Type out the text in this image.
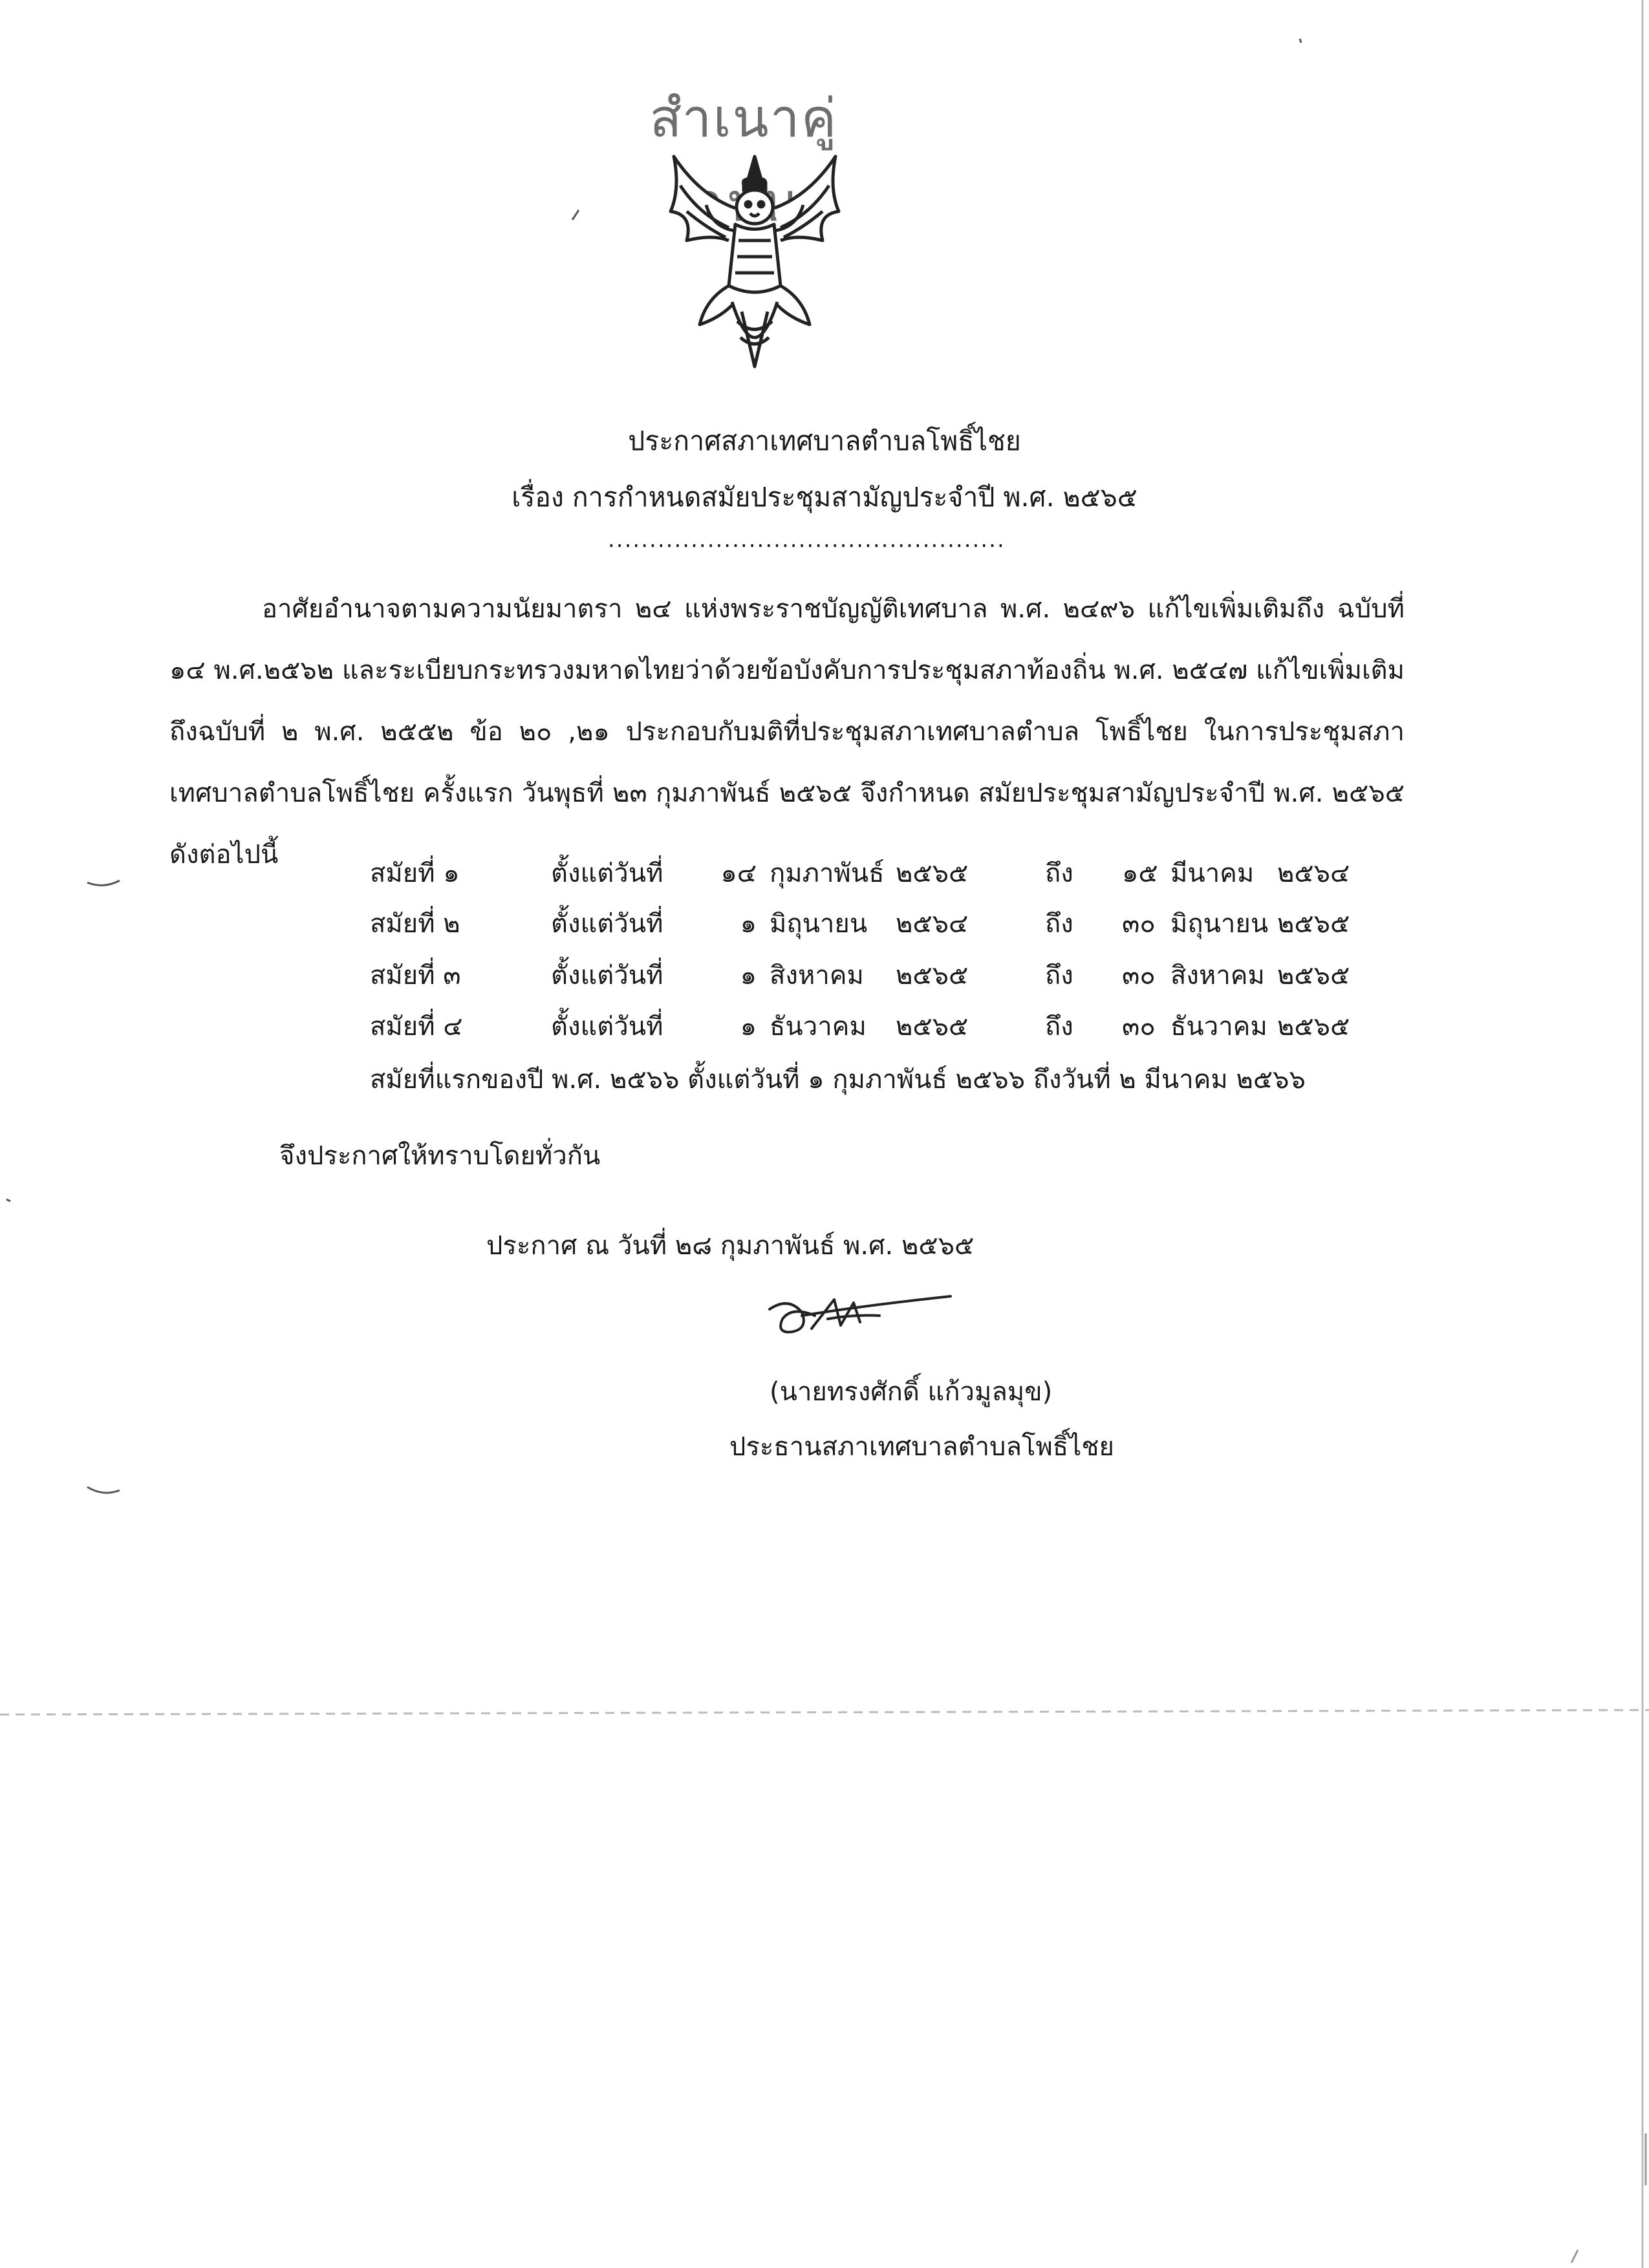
สำเนาคู่ บ
ประกาศสภาเทศบาลตำบลโพธิ์ไชย
เรื่อง การกำหนดสมัยประชุมสามัญประจำปี พ.ศ. ๒๕๖๕
................................................

อาศัยอำนาจตามความนัยมาตรา ๒๔ แห่งพระราชบัญญัติเทศบาล พ.ศ. ๒๔๙๖ แก้ไขเพิ่มเติมถึง ฉบับที่ ๑๔ พ.ศ.๒๕๖๒ และระเบียบกระทรวงมหาดไทยว่าด้วยข้อบังคับการประชุมสภาท้องถิ่น พ.ศ. ๒๕๔๗ แก้ไขเพิ่มเติมถึงฉบับที่ ๒ พ.ศ. ๒๕๕๒ ข้อ ๒๐ ,๒๑ ประกอบกับมติที่ประชุมสภาเทศบาลตำบล โพธิ์ไชย ในการประชุมสภาเทศบาลตำบลโพธิ์ไชย ครั้งแรก วันพุธที่ ๒๓ กุมภาพันธ์ ๒๕๖๕ จึงกำหนด สมัยประชุมสามัญประจำปี พ.ศ. ๒๕๖๕ ดังต่อไปนี้

สมัยที่ ๑	ตั้งแต่วันที่ ๑๔ กุมภาพันธ์ ๒๕๖๕	ถึง ๑๕ มีนาคม ๒๕๖๔
สมัยที่ ๒	ตั้งแต่วันที่	๑ มิถุนายน ๒๕๖๔	ถึง ๓๐ มิถุนายน ๒๕๖๕
สมัยที่ ๓	ตั้งแต่วันที่	๑ สิงหาคม ๒๕๖๕	ถึง ๓๐ สิงหาคม ๒๕๖๕
สมัยที่ ๔	ตั้งแต่วันที่	๑ ธันวาคม ๒๕๖๕	ถึง ๓๐ ธันวาคม ๒๕๖๕
สมัยที่แรกของปี พ.ศ. ๒๕๖๖ ตั้งแต่วันที่ ๑ กุมภาพันธ์ ๒๕๖๖ ถึงวันที่ ๒ มีนาคม ๒๕๖๖
จึงประกาศให้ทราบโดยทั่วกัน
ประกาศ ณ วันที่ ๒๘ กุมภาพันธ์ พ.ศ. ๒๕๖๕
(นายทรงศักดิ์ แก้วมูลมุข)
ประธานสภาเทศบาลตำบลโพธิ์ไชย
